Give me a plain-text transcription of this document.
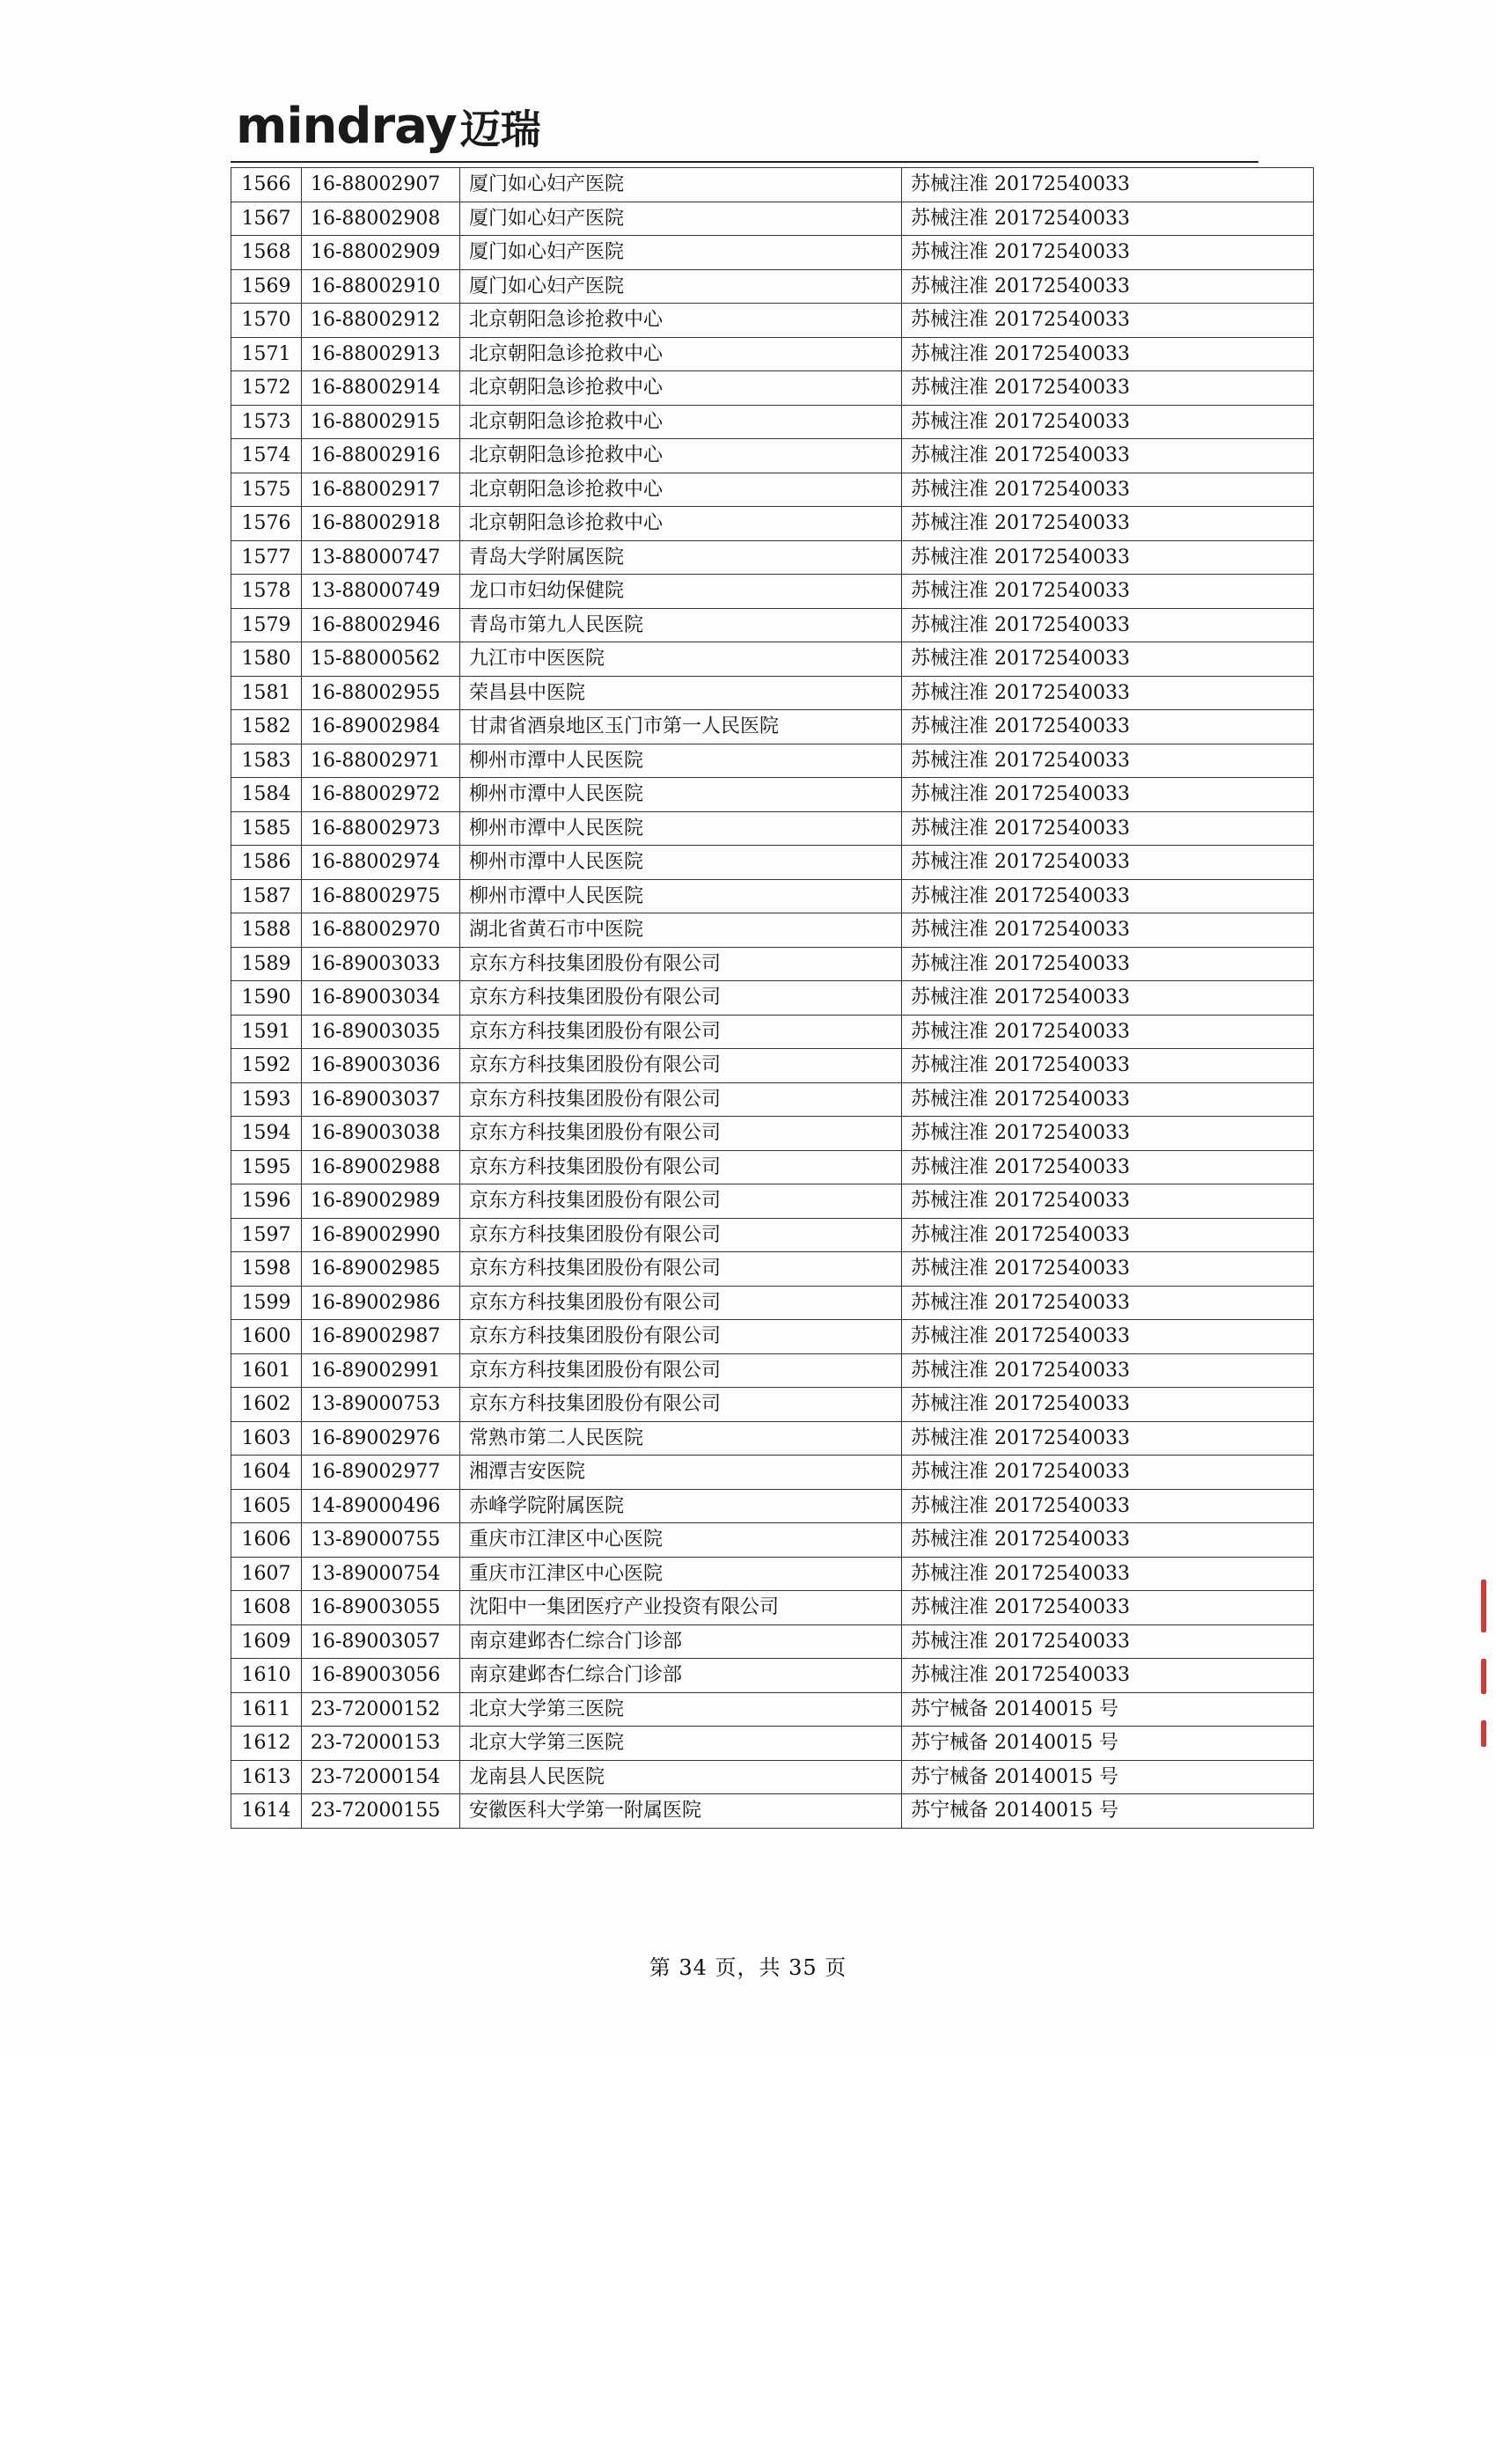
mindray 迈瑞
1566	16-88002907	厦门如心妇产医院	苏械注准 20172540033
1567	16-88002908	厦门如心妇产医院	苏械注准 20172540033
1568	16-88002909	厦门如心妇产医院	苏械注准 20172540033
1569	16-88002910	厦门如心妇产医院	苏械注准 20172540033
1570	16-88002912	北京朝阳急诊抢救中心	苏械注准 20172540033
1571	16-88002913	北京朝阳急诊抢救中心	苏械注准 20172540033
1572	16-88002914	北京朝阳急诊抢救中心	苏械注准 20172540033
1573	16-88002915	北京朝阳急诊抢救中心	苏械注准 20172540033
1574	16-88002916	北京朝阳急诊抢救中心	苏械注准 20172540033
1575	16-88002917	北京朝阳急诊抢救中心	苏械注准 20172540033
1576	16-88002918	北京朝阳急诊抢救中心	苏械注准 20172540033
1577	13-88000747	青岛大学附属医院	苏械注准 20172540033
1578	13-88000749	龙口市妇幼保健院	苏械注准 20172540033
1579	16-88002946	青岛市第九人民医院	苏械注准 20172540033
1580	15-88000562	九江市中医医院	苏械注准 20172540033
1581	16-88002955	荣昌县中医院	苏械注准 20172540033
1582	16-89002984	甘肃省酒泉地区玉门市第一人民医院	苏械注准 20172540033
1583	16-88002971	柳州市潭中人民医院	苏械注准 20172540033
1584	16-88002972	柳州市潭中人民医院	苏械注准 20172540033
1585	16-88002973	柳州市潭中人民医院	苏械注准 20172540033
1586	16-88002974	柳州市潭中人民医院	苏械注准 20172540033
1587	16-88002975	柳州市潭中人民医院	苏械注准 20172540033
1588	16-88002970	湖北省黄石市中医院	苏械注准 20172540033
1589	16-89003033	京东方科技集团股份有限公司	苏械注准 20172540033
1590	16-89003034	京东方科技集团股份有限公司	苏械注准 20172540033
1591	16-89003035	京东方科技集团股份有限公司	苏械注准 20172540033
1592	16-89003036	京东方科技集团股份有限公司	苏械注准 20172540033
1593	16-89003037	京东方科技集团股份有限公司	苏械注准 20172540033
1594	16-89003038	京东方科技集团股份有限公司	苏械注准 20172540033
1595	16-89002988	京东方科技集团股份有限公司	苏械注准 20172540033
1596	16-89002989	京东方科技集团股份有限公司	苏械注准 20172540033
1597	16-89002990	京东方科技集团股份有限公司	苏械注准 20172540033
1598	16-89002985	京东方科技集团股份有限公司	苏械注准 20172540033
1599	16-89002986	京东方科技集团股份有限公司	苏械注准 20172540033
1600	16-89002987	京东方科技集团股份有限公司	苏械注准 20172540033
1601	16-89002991	京东方科技集团股份有限公司	苏械注准 20172540033
1602	13-89000753	京东方科技集团股份有限公司	苏械注准 20172540033
1603	16-89002976	常熟市第二人民医院	苏械注准 20172540033
1604	16-89002977	湘潭吉安医院	苏械注准 20172540033
1605	14-89000496	赤峰学院附属医院	苏械注准 20172540033
1606	13-89000755	重庆市江津区中心医院	苏械注准 20172540033
1607	13-89000754	重庆市江津区中心医院	苏械注准 20172540033
1608	16-89003055	沈阳中一集团医疗产业投资有限公司	苏械注准 20172540033
1609	16-89003057	南京建邺杏仁综合门诊部	苏械注准 20172540033
1610	16-89003056	南京建邺杏仁综合门诊部	苏械注准 20172540033
1611	23-72000152	北京大学第三医院	苏宁械备 20140015 号
1612	23-72000153	北京大学第三医院	苏宁械备 20140015 号
1613	23-72000154	龙南县人民医院	苏宁械备 20140015 号
1614	23-72000155	安徽医科大学第一附属医院	苏宁械备 20140015 号
第 34 页，共 35 页
